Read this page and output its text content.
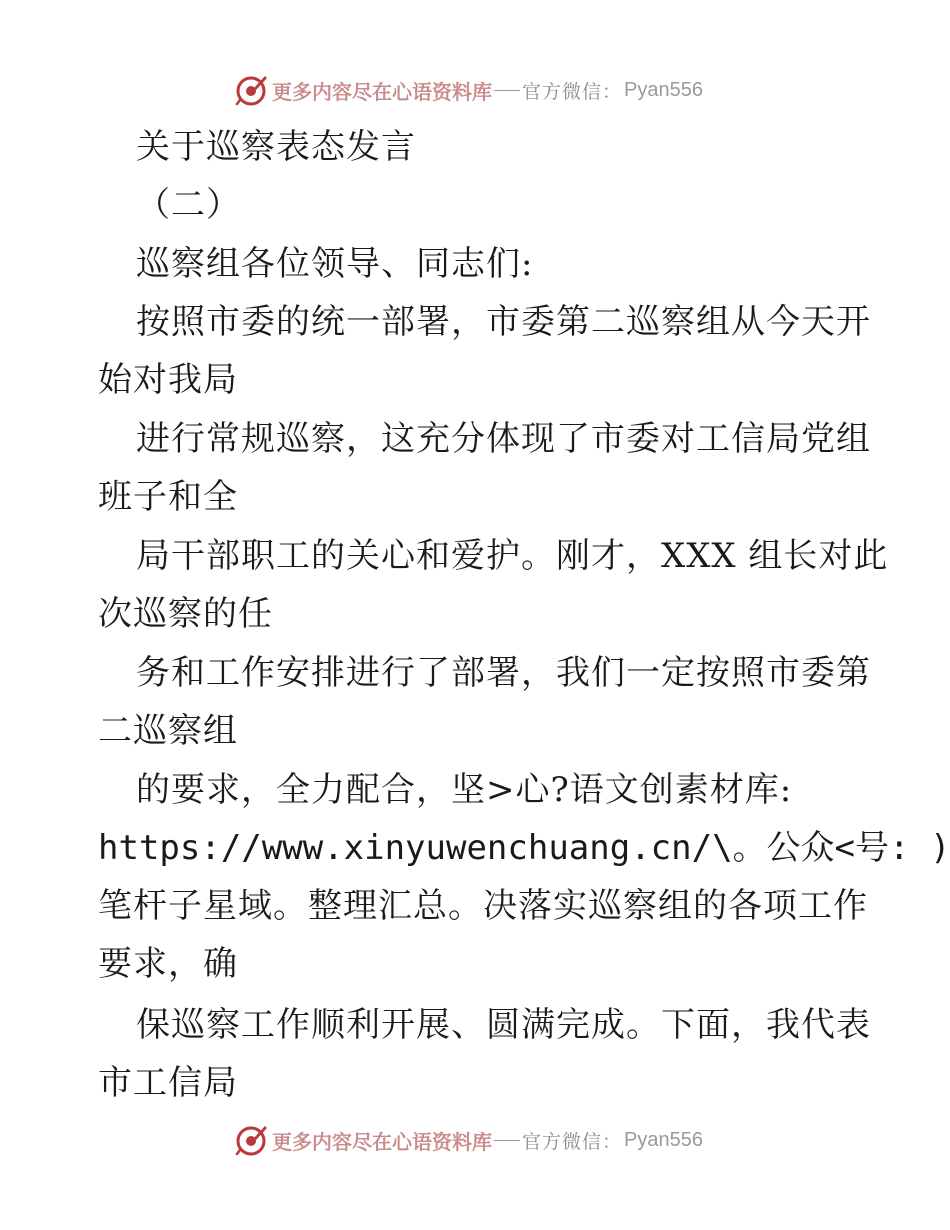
更多内容尽在心语资料库 官方微信： Pyan556
关于巡察表态发言
（二）
巡察组各位领导、同志们:
按照市委的统一部署，市委第二巡察组从今天开
始对我局
进行常规巡察，这充分体现了市委对工信局党组
班子和全
局干部职工的关心和爱护。刚才，XXX 组长对此
次巡察的任
务和工作安排进行了部署，我们一定按照市委第
二巡察组
的要求，全力配合，坚>心?语文创素材库:
https://www.xinyuwenchuang.cn/\。公众<号: )
笔杆子星域。整理汇总。决落实巡察组的各项工作
要求，确
保巡察工作顺利开展、圆满完成。下面，我代表
市工信局
更多内容尽在心语资料库 官方微信： Pyan556
